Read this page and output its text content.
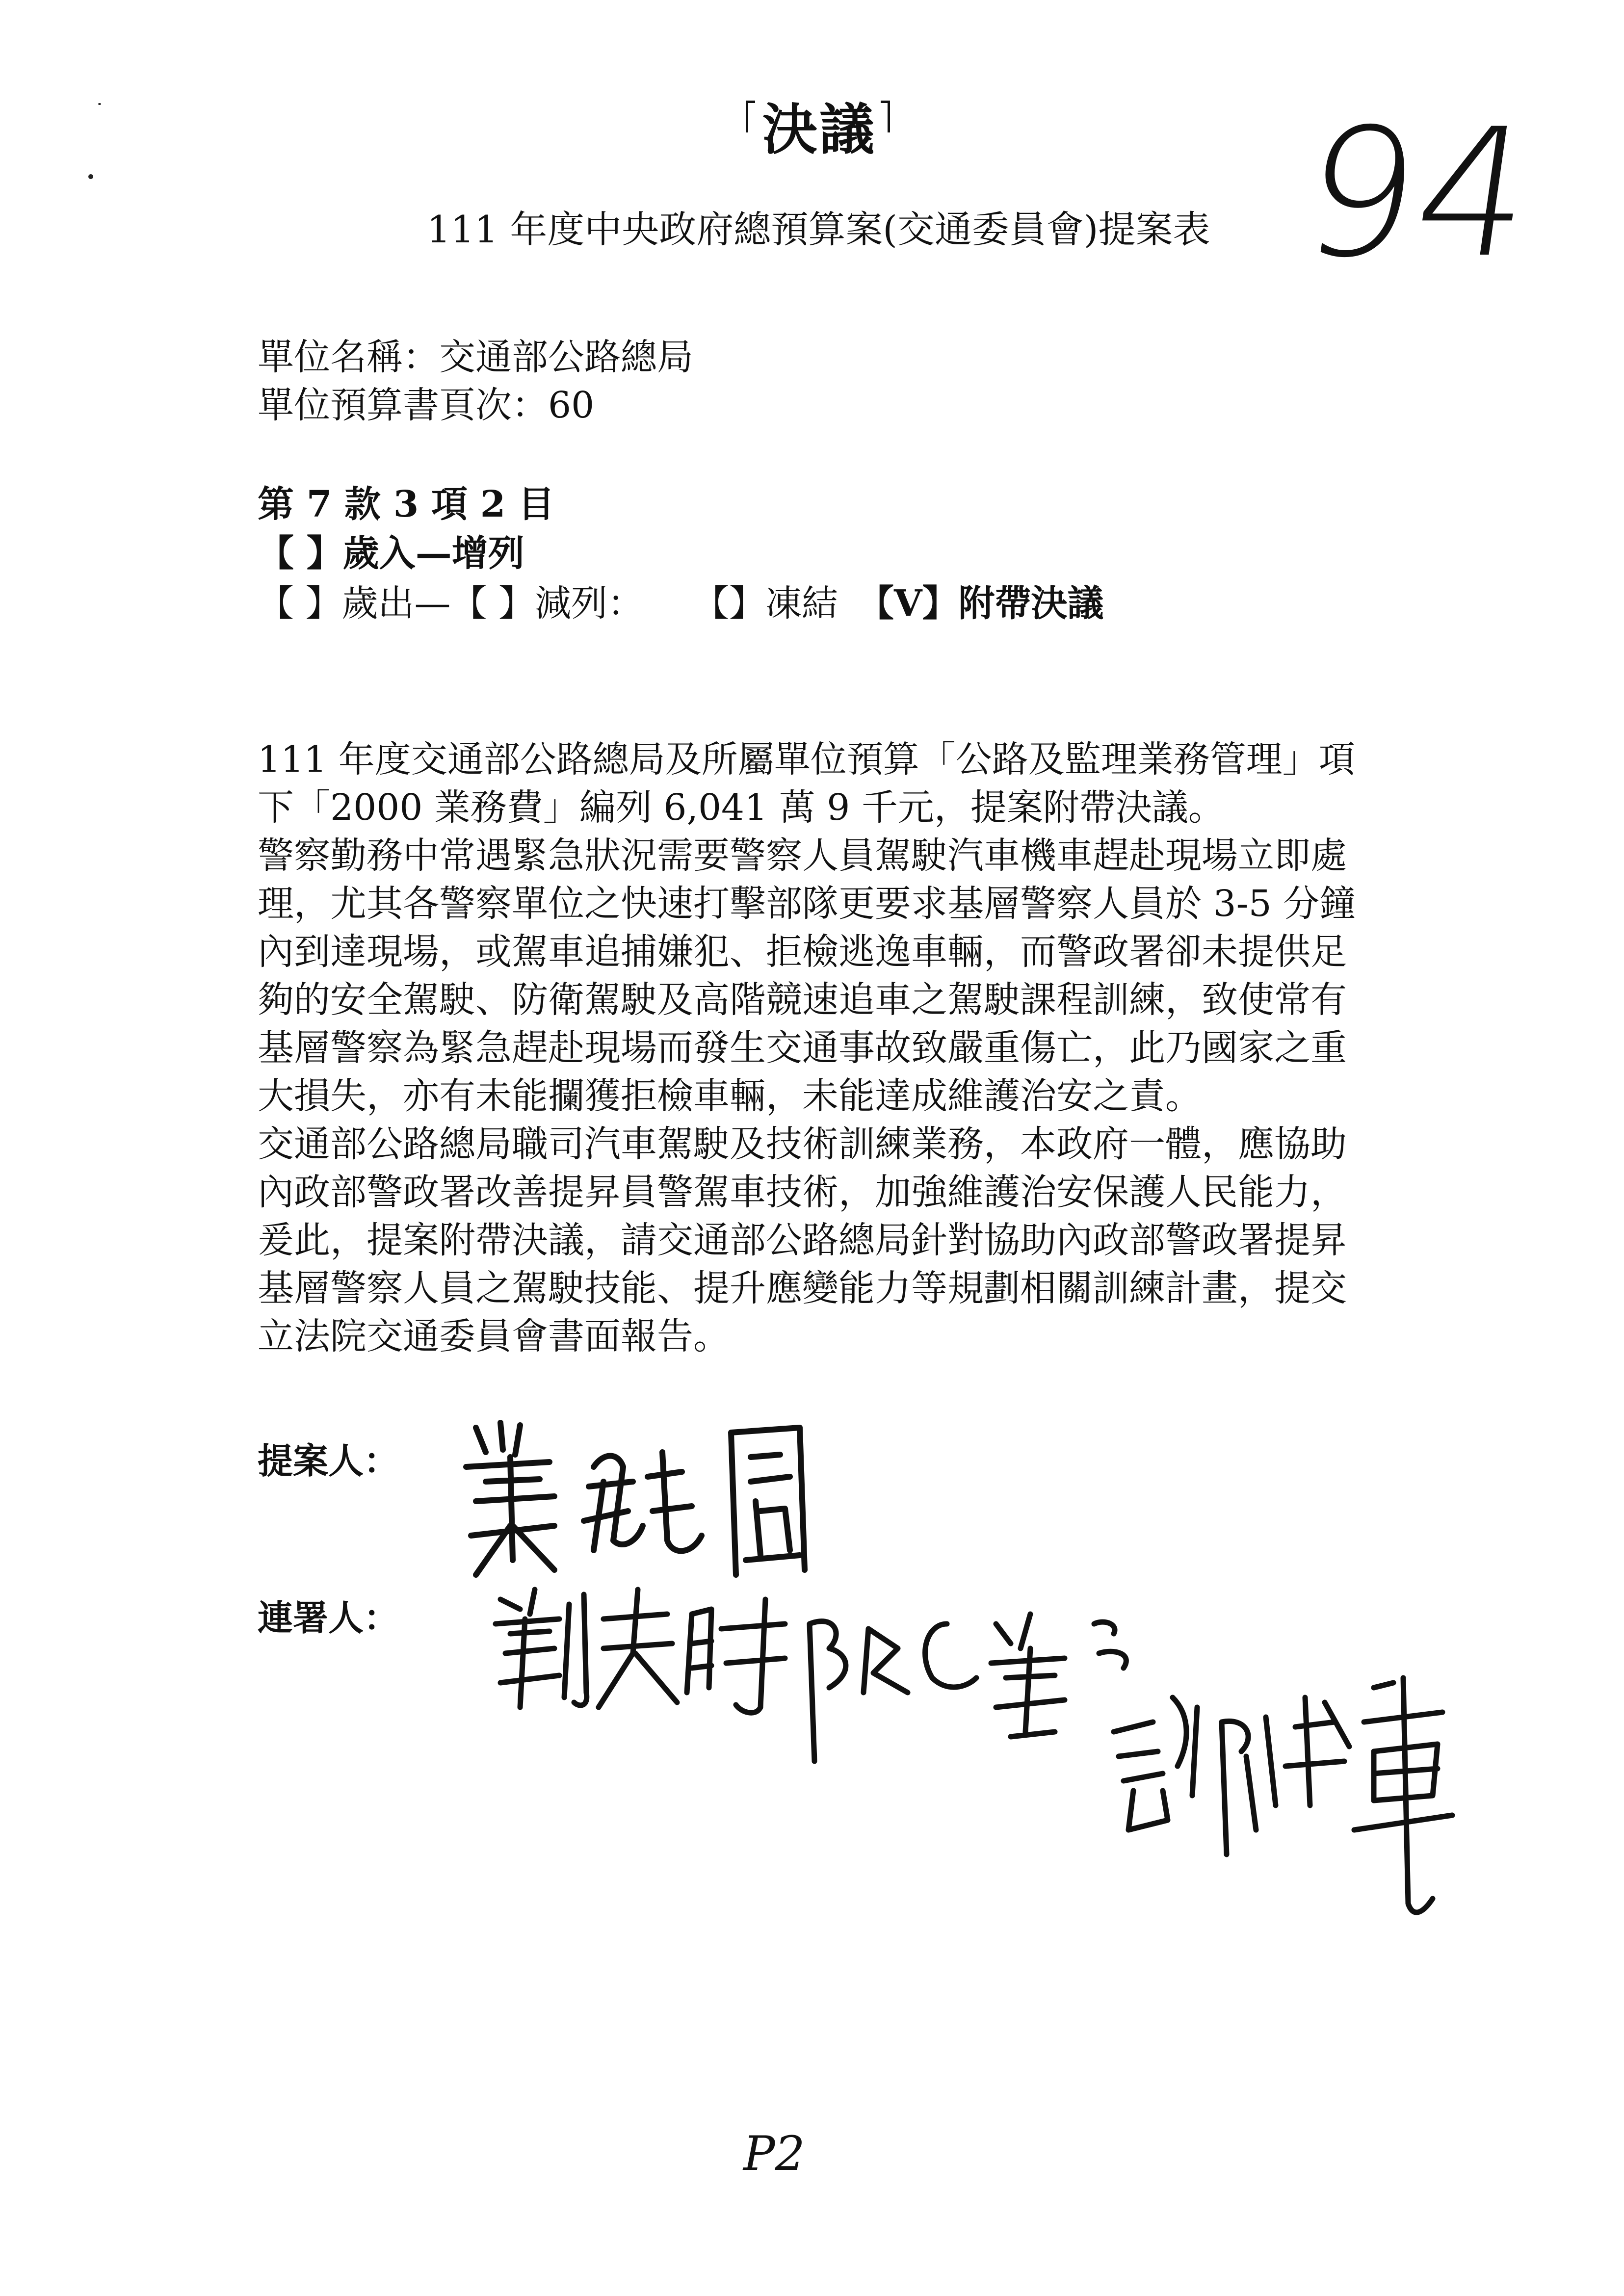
決議 94
111 年度中央政府總預算案(交通委員會)提案表
單位名稱：交通部公路總局
單位預算書頁次：60
第 7 款 3 項 2 目
【 】歲入—增列
【 】歲出—【 】減列： 【】凍結 【V】附帶決議
111 年度交通部公路總局及所屬單位預算「公路及監理業務管理」項
下「2000 業務費」編列 6,041 萬 9 千元，提案附帶決議。
警察勤務中常遇緊急狀況需要警察人員駕駛汽車機車趕赴現場立即處
理，尤其各警察單位之快速打擊部隊更要求基層警察人員於 3-5 分鐘
內到達現場，或駕車追捕嫌犯、拒檢逃逸車輛，而警政署卻未提供足
夠的安全駕駛、防衛駕駛及高階競速追車之駕駛課程訓練，致使常有
基層警察為緊急趕赴現場而發生交通事故致嚴重傷亡，此乃國家之重
大損失，亦有未能攔獲拒檢車輛，未能達成維護治安之責。
交通部公路總局職司汽車駕駛及技術訓練業務，本政府一體，應協助
內政部警政署改善提昇員警駕車技術，加強維護治安保護人民能力，
爰此，提案附帶決議，請交通部公路總局針對協助內政部警政署提昇
基層警察人員之駕駛技能、提升應變能力等規劃相關訓練計畫，提交
立法院交通委員會書面報告。
提案人：
連署人：
P2
